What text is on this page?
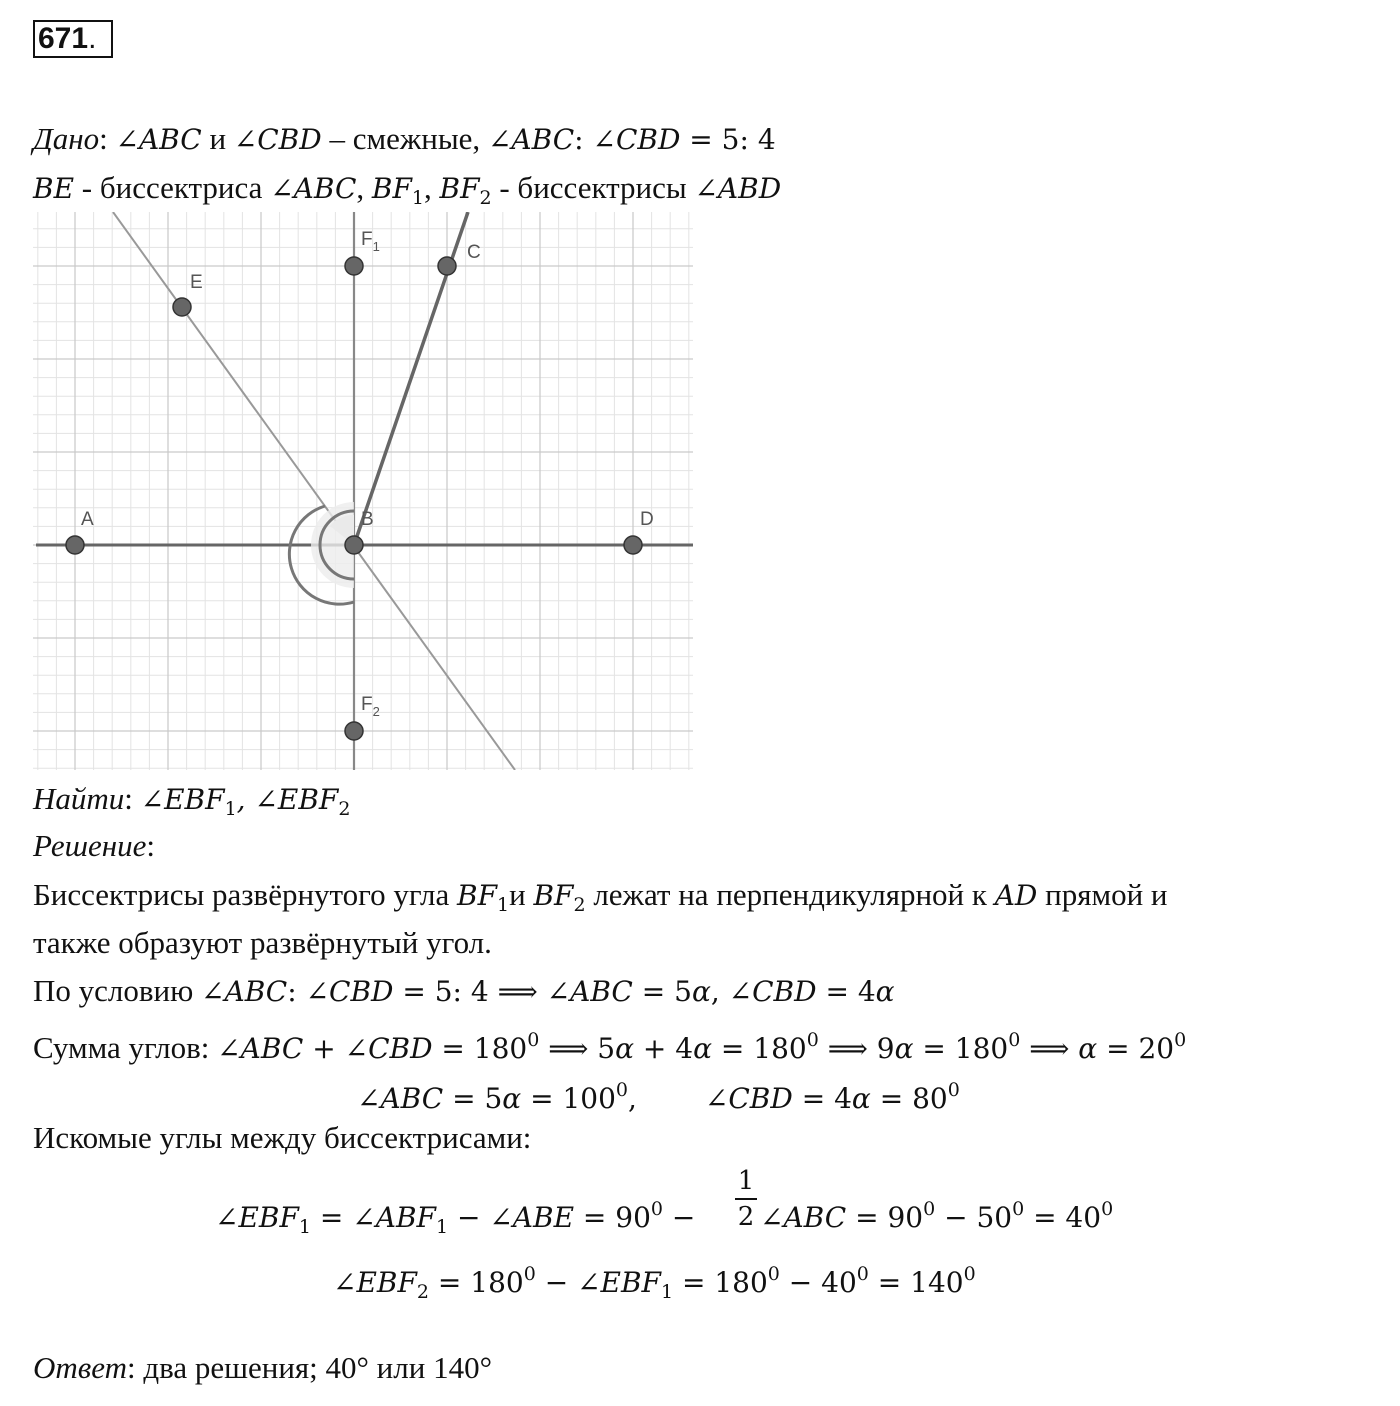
671.
Дано: ∠ABC и ∠CBD – смежные, ∠ABC: ∠CBD = 5: 4
BE - биссектриса ∠ABC, $BF_1$, $BF_2$ - биссектрисы ∠ABD
A	B
C
D
E
$F_1$
$F_2$
Найти: $\angle EBF_1$, $\angle EBF_2$
Решение:
Биссектрисы развёрнутого угла $BF_1и$ $BF_2$ лежат на перпендикулярной к AD прямой и
также образуют развёрнутый угол.
По условию ∠ABC: ∠CBD = 5: 4 ⟹ ∠ABC = 5α, ∠CBD = 4α
Сумма углов: ∠ABC + ∠CBD = $180^0$ ⟹ $5\alpha + 4\alpha = 180^0$ ⟹ $9\alpha = 180^0$ ⟹ $\alpha = 20^0$
∠ABC = $5\alpha = 100^0$, ∠CBD = $4\alpha = 80^0$
Искомые углы между биссектрисами:
$\angle EBF_1$ = $\angle ABF_1$ − ∠ABE = $90^0$ −
1
2 ∠ABC = $90^0 - 50^0 = 40^0$
$\angle EBF_2 = 180^0$ − $\angle EBF_1 = 180^0 - 40^0 = 140^0$
Ответ: два решения; 40° или 140°
